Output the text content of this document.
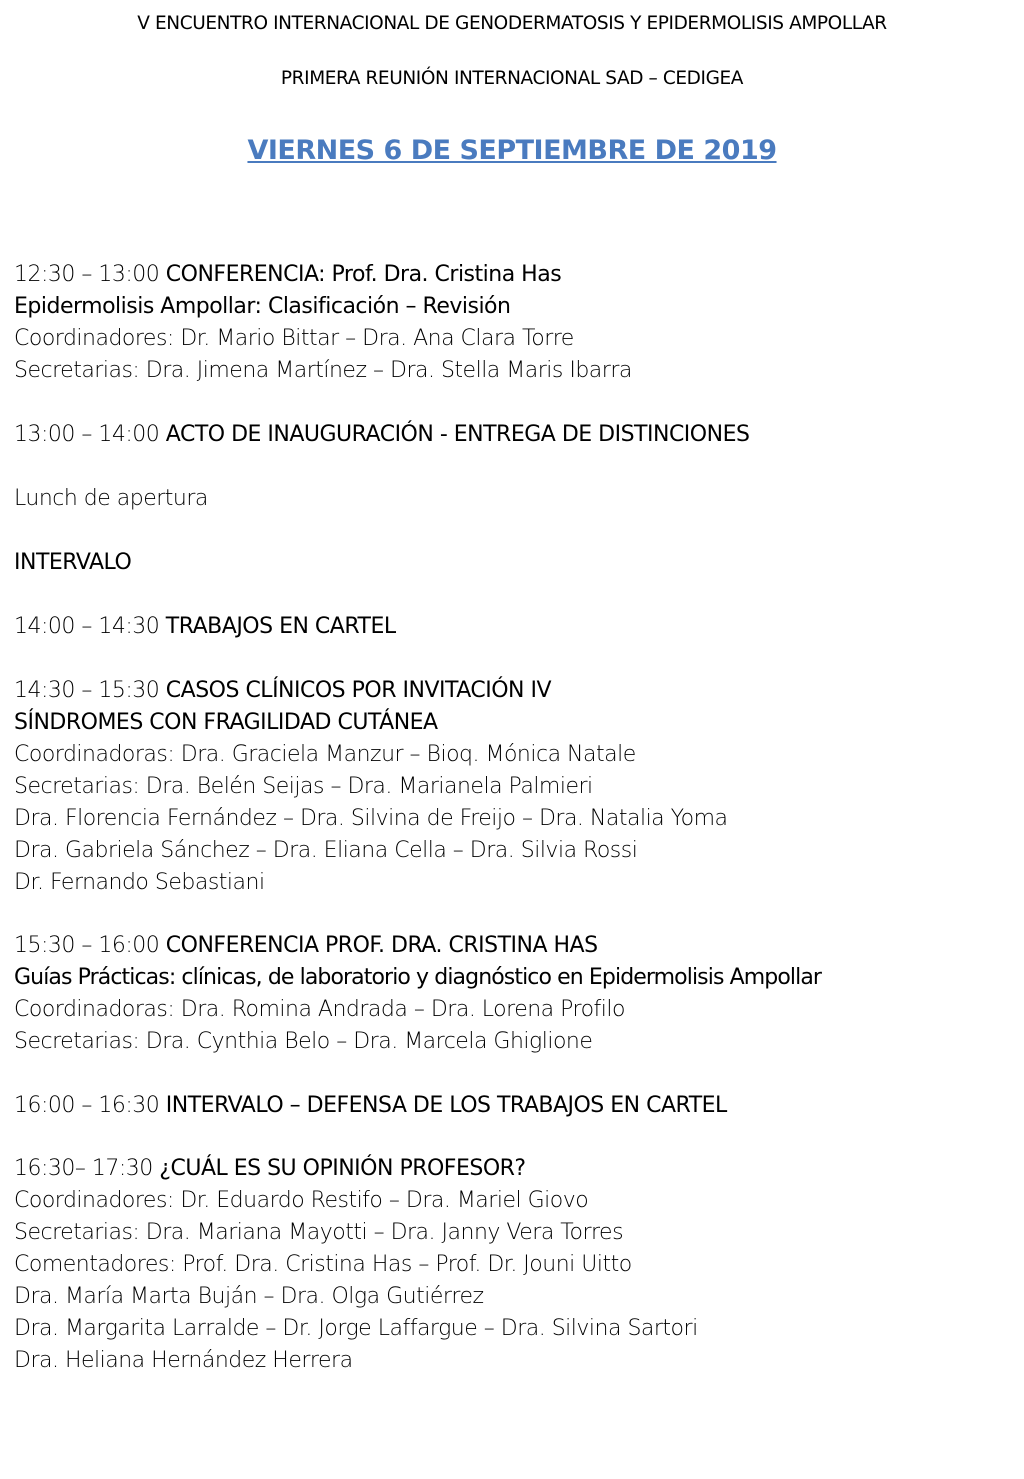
V ENCUENTRO INTERNACIONAL DE GENODERMATOSIS Y EPIDERMOLISIS AMPOLLAR
PRIMERA REUNIÓN INTERNACIONAL SAD – CEDIGEA
VIERNES 6 DE SEPTIEMBRE DE 2019
12:30 – 13:00 CONFERENCIA: Prof. Dra. Cristina Has
Epidermolisis Ampollar: Clasificación – Revisión
Coordinadores: Dr. Mario Bittar – Dra. Ana Clara Torre
Secretarias: Dra. Jimena Martínez – Dra. Stella Maris Ibarra
13:00 – 14:00 ACTO DE INAUGURACIÓN - ENTREGA DE DISTINCIONES
Lunch de apertura
INTERVALO
14:00 – 14:30 TRABAJOS EN CARTEL
14:30 – 15:30 CASOS CLÍNICOS POR INVITACIÓN IV
SÍNDROMES CON FRAGILIDAD CUTÁNEA
Coordinadoras: Dra. Graciela Manzur – Bioq. Mónica Natale
Secretarias: Dra. Belén Seijas – Dra. Marianela Palmieri
Dra. Florencia Fernández – Dra. Silvina de Freijo – Dra. Natalia Yoma
Dra. Gabriela Sánchez – Dra. Eliana Cella – Dra. Silvia Rossi
Dr. Fernando Sebastiani
15:30 – 16:00 CONFERENCIA PROF. DRA. CRISTINA HAS
Guías Prácticas: clínicas, de laboratorio y diagnóstico en Epidermolisis Ampollar
Coordinadoras: Dra. Romina Andrada – Dra. Lorena Profilo
Secretarias: Dra. Cynthia Belo – Dra. Marcela Ghiglione
16:00 – 16:30 INTERVALO – DEFENSA DE LOS TRABAJOS EN CARTEL
16:30– 17:30 ¿CUÁL ES SU OPINIÓN PROFESOR?
Coordinadores: Dr. Eduardo Restifo – Dra. Mariel Giovo
Secretarias: Dra. Mariana Mayotti – Dra. Janny Vera Torres
Comentadores: Prof. Dra. Cristina Has – Prof. Dr. Jouni Uitto
Dra. María Marta Buján – Dra. Olga Gutiérrez
Dra. Margarita Larralde – Dr. Jorge Laffargue – Dra. Silvina Sartori
Dra. Heliana Hernández Herrera
